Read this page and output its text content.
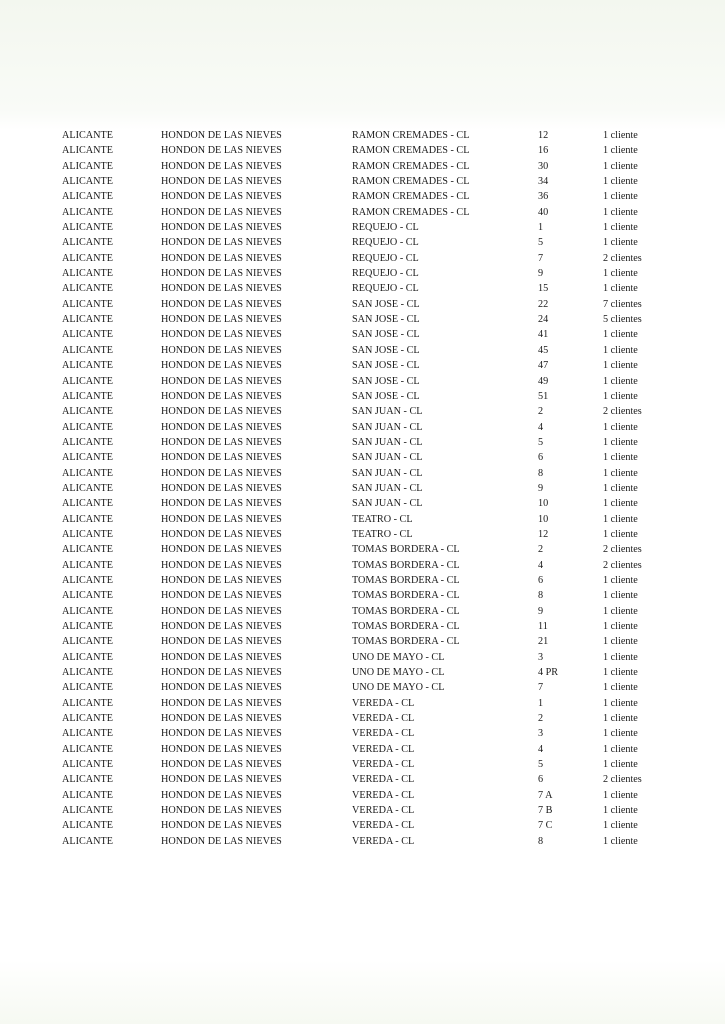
ALICANTE	HONDON DE LAS NIEVES	RAMON CREMADES - CL	12	1 cliente
ALICANTE	HONDON DE LAS NIEVES	RAMON CREMADES - CL	16	1 cliente
ALICANTE	HONDON DE LAS NIEVES	RAMON CREMADES - CL	30	1 cliente
ALICANTE	HONDON DE LAS NIEVES	RAMON CREMADES - CL	34	1 cliente
ALICANTE	HONDON DE LAS NIEVES	RAMON CREMADES - CL	36	1 cliente
ALICANTE	HONDON DE LAS NIEVES	RAMON CREMADES - CL	40	1 cliente
ALICANTE	HONDON DE LAS NIEVES	REQUEJO - CL	1	1 cliente
ALICANTE	HONDON DE LAS NIEVES	REQUEJO - CL	5	1 cliente
ALICANTE	HONDON DE LAS NIEVES	REQUEJO - CL	7	2 clientes
ALICANTE	HONDON DE LAS NIEVES	REQUEJO - CL	9	1 cliente
ALICANTE	HONDON DE LAS NIEVES	REQUEJO - CL	15	1 cliente
ALICANTE	HONDON DE LAS NIEVES	SAN JOSE - CL	22	7 clientes
ALICANTE	HONDON DE LAS NIEVES	SAN JOSE - CL	24	5 clientes
ALICANTE	HONDON DE LAS NIEVES	SAN JOSE - CL	41	1 cliente
ALICANTE	HONDON DE LAS NIEVES	SAN JOSE - CL	45	1 cliente
ALICANTE	HONDON DE LAS NIEVES	SAN JOSE - CL	47	1 cliente
ALICANTE	HONDON DE LAS NIEVES	SAN JOSE - CL	49	1 cliente
ALICANTE	HONDON DE LAS NIEVES	SAN JOSE - CL	51	1 cliente
ALICANTE	HONDON DE LAS NIEVES	SAN JUAN - CL	2	2 clientes
ALICANTE	HONDON DE LAS NIEVES	SAN JUAN - CL	4	1 cliente
ALICANTE	HONDON DE LAS NIEVES	SAN JUAN - CL	5	1 cliente
ALICANTE	HONDON DE LAS NIEVES	SAN JUAN - CL	6	1 cliente
ALICANTE	HONDON DE LAS NIEVES	SAN JUAN - CL	8	1 cliente
ALICANTE	HONDON DE LAS NIEVES	SAN JUAN - CL	9	1 cliente
ALICANTE	HONDON DE LAS NIEVES	SAN JUAN - CL	10	1 cliente
ALICANTE	HONDON DE LAS NIEVES	TEATRO - CL	10	1 cliente
ALICANTE	HONDON DE LAS NIEVES	TEATRO - CL	12	1 cliente
ALICANTE	HONDON DE LAS NIEVES	TOMAS BORDERA - CL	2	2 clientes
ALICANTE	HONDON DE LAS NIEVES	TOMAS BORDERA - CL	4	2 clientes
ALICANTE	HONDON DE LAS NIEVES	TOMAS BORDERA - CL	6	1 cliente
ALICANTE	HONDON DE LAS NIEVES	TOMAS BORDERA - CL	8	1 cliente
ALICANTE	HONDON DE LAS NIEVES	TOMAS BORDERA - CL	9	1 cliente
ALICANTE	HONDON DE LAS NIEVES	TOMAS BORDERA - CL	11	1 cliente
ALICANTE	HONDON DE LAS NIEVES	TOMAS BORDERA - CL	21	1 cliente
ALICANTE	HONDON DE LAS NIEVES	UNO DE MAYO - CL	3	1 cliente
ALICANTE	HONDON DE LAS NIEVES	UNO DE MAYO - CL	4 PR	1 cliente
ALICANTE	HONDON DE LAS NIEVES	UNO DE MAYO - CL	7	1 cliente
ALICANTE	HONDON DE LAS NIEVES	VEREDA - CL	1	1 cliente
ALICANTE	HONDON DE LAS NIEVES	VEREDA - CL	2	1 cliente
ALICANTE	HONDON DE LAS NIEVES	VEREDA - CL	3	1 cliente
ALICANTE	HONDON DE LAS NIEVES	VEREDA - CL	4	1 cliente
ALICANTE	HONDON DE LAS NIEVES	VEREDA - CL	5	1 cliente
ALICANTE	HONDON DE LAS NIEVES	VEREDA - CL	6	2 clientes
ALICANTE	HONDON DE LAS NIEVES	VEREDA - CL	7 A	1 cliente
ALICANTE	HONDON DE LAS NIEVES	VEREDA - CL	7 B	1 cliente
ALICANTE	HONDON DE LAS NIEVES	VEREDA - CL	7 C	1 cliente
ALICANTE	HONDON DE LAS NIEVES	VEREDA - CL	8	1 cliente
